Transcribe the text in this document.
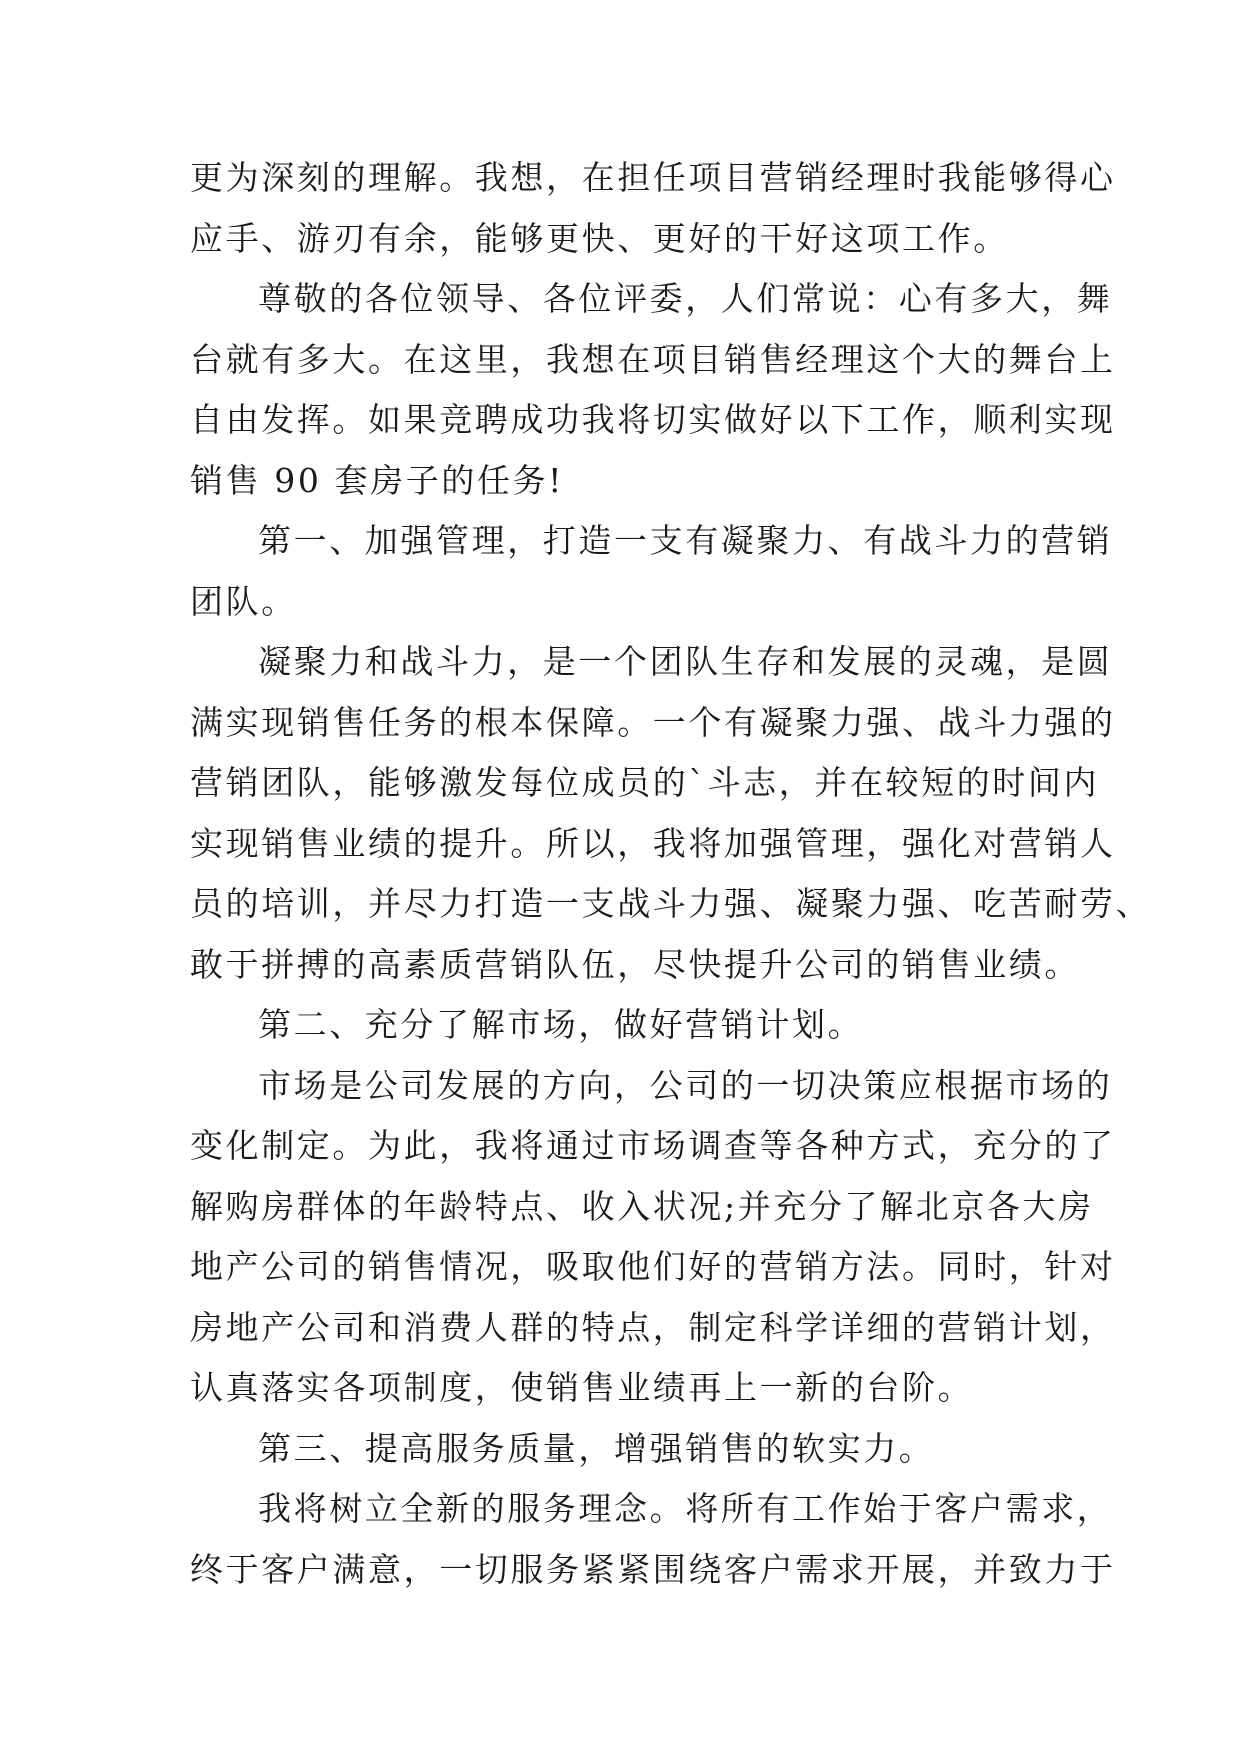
更为深刻的理解。我想，在担任项目营销经理时我能够得心
应手、游刃有余，能够更快、更好的干好这项工作。
尊敬的各位领导、各位评委，人们常说：心有多大，舞
台就有多大。在这里，我想在项目销售经理这个大的舞台上
自由发挥。如果竞聘成功我将切实做好以下工作，顺利实现
销售 90 套房子的任务!
第一、加强管理，打造一支有凝聚力、有战斗力的营销
团队。
凝聚力和战斗力，是一个团队生存和发展的灵魂，是圆
满实现销售任务的根本保障。一个有凝聚力强、战斗力强的
营销团队，能够激发每位成员的`斗志，并在较短的时间内
实现销售业绩的提升。所以，我将加强管理，强化对营销人
员的培训，并尽力打造一支战斗力强、凝聚力强、吃苦耐劳、
敢于拼搏的高素质营销队伍，尽快提升公司的销售业绩。
第二、充分了解市场，做好营销计划。
市场是公司发展的方向，公司的一切决策应根据市场的
变化制定。为此，我将通过市场调查等各种方式，充分的了
解购房群体的年龄特点、收入状况;并充分了解北京各大房
地产公司的销售情况，吸取他们好的营销方法。同时，针对
房地产公司和消费人群的特点，制定科学详细的营销计划，
认真落实各项制度，使销售业绩再上一新的台阶。
第三、提高服务质量，增强销售的软实力。
我将树立全新的服务理念。将所有工作始于客户需求，
终于客户满意，一切服务紧紧围绕客户需求开展，并致力于
